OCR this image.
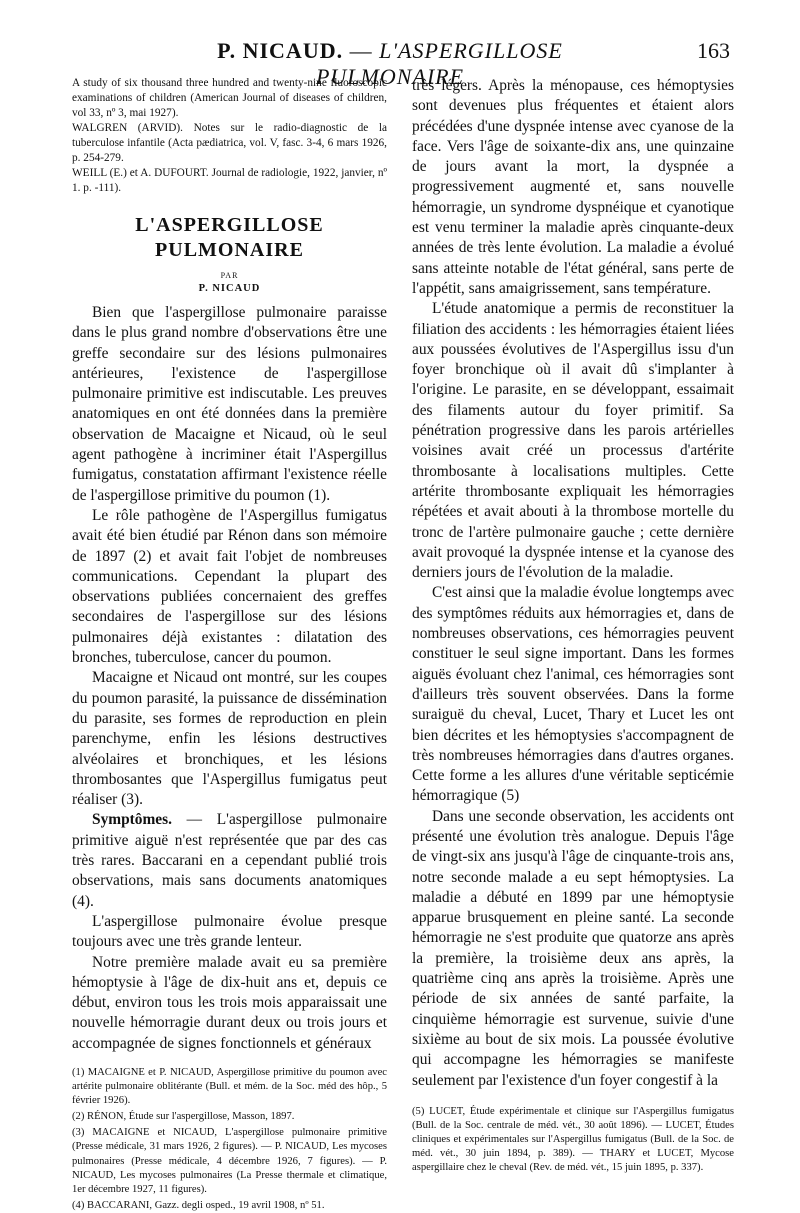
P. NICAUD. — L'ASPERGILLOSE PULMONAIRE
163

A study of six thousand three hundred and twenty-nine fluoroscopic examinations of children (American Journal of diseases of children, vol 33, nº 3, mai 1927).

WALGREN (ARVID). Notes sur le radio-diagnostic de la tuberculose infantile (Acta pædiatrica, vol. V, fasc. 3-4, 6 mars 1926, p. 254-279.

WEILL (E.) et A. DUFOURT. Journal de radiologie, 1922, janvier, nº 1. p. -111).

L'ASPERGILLOSE
PULMONAIRE
PAR
P. NICAUD

Bien que l'aspergillose pulmonaire paraisse dans le plus grand nombre d'observations être une greffe secondaire sur des lésions pulmonaires antérieures, l'existence de l'aspergillose pulmonaire primitive est indiscutable. Les preuves anatomiques en ont été données dans la première observation de Macaigne et Nicaud, où le seul agent pathogène à incriminer était l'Aspergillus fumigatus, constatation affirmant l'existence réelle de l'aspergillose primitive du poumon (1).

Le rôle pathogène de l'Aspergillus fumigatus avait été bien étudié par Rénon dans son mémoire de 1897 (2) et avait fait l'objet de nombreuses communications. Cependant la plupart des observations publiées concernaient des greffes secondaires de l'aspergillose sur des lésions pulmonaires déjà existantes : dilatation des bronches, tuberculose, cancer du poumon.

Macaigne et Nicaud ont montré, sur les coupes du poumon parasité, la puissance de dissémination du parasite, ses formes de reproduction en plein parenchyme, enfin les lésions destructives alvéolaires et bronchiques, et les lésions thrombosantes que l'Aspergillus fumigatus peut réaliser (3).

Symptômes. — L'aspergillose pulmonaire primitive aiguë n'est représentée que par des cas très rares. Baccarani en a cependant publié trois observations, mais sans documents anatomiques (4).

L'aspergillose pulmonaire évolue presque toujours avec une très grande lenteur.

Notre première malade avait eu sa première hémoptysie à l'âge de dix-huit ans et, depuis ce début, environ tous les trois mois apparaissait une nouvelle hémorragie durant deux ou trois jours et accompagnée de signes fonctionnels et généraux

(1) MACAIGNE et P. NICAUD, Aspergillose primitive du poumon avec artérite pulmonaire oblitérante (Bull. et mém. de la Soc. méd des hôp., 5 février 1926).

(2) RÉNON, Étude sur l'aspergillose, Masson, 1897.

(3) MACAIGNE et NICAUD, L'aspergillose pulmonaire primitive (Presse médicale, 31 mars 1926, 2 figures). — P. NICAUD, Les mycoses pulmonaires (Presse médicale, 4 décembre 1926, 7 figures). — P. NICAUD, Les mycoses pulmonaires (La Presse thermale et climatique, 1er décembre 1927, 11 figures).

(4) BACCARANI, Gazz. degli osped., 19 avril 1908, nº 51.

très légers. Après la ménopause, ces hémoptysies sont devenues plus fréquentes et étaient alors précédées d'une dyspnée intense avec cyanose de la face. Vers l'âge de soixante-dix ans, une quinzaine de jours avant la mort, la dyspnée a progressivement augmenté et, sans nouvelle hémorragie, un syndrome dyspnéique et cyanotique est venu terminer la maladie après cinquante-deux années de très lente évolution. La maladie a évolué sans atteinte notable de l'état général, sans perte de l'appétit, sans amaigrissement, sans température.

L'étude anatomique a permis de reconstituer la filiation des accidents : les hémorragies étaient liées aux poussées évolutives de l'Aspergillus issu d'un foyer bronchique où il avait dû s'implanter à l'origine. Le parasite, en se développant, essaimait des filaments autour du foyer primitif. Sa pénétration progressive dans les parois artérielles voisines avait créé un processus d'artérite thrombosante à localisations multiples. Cette artérite thrombosante expliquait les hémorragies répétées et avait abouti à la thrombose mortelle du tronc de l'artère pulmonaire gauche ; cette dernière avait provoqué la dyspnée intense et la cyanose des derniers jours de l'évolution de la maladie.

C'est ainsi que la maladie évolue longtemps avec des symptômes réduits aux hémorragies et, dans de nombreuses observations, ces hémorragies peuvent constituer le seul signe important. Dans les formes aiguës évoluant chez l'animal, ces hémorragies sont d'ailleurs très souvent observées. Dans la forme suraiguë du cheval, Lucet, Thary et Lucet les ont bien décrites et les hémoptysies s'accompagnent de très nombreuses hémorragies dans d'autres organes. Cette forme a les allures d'une véritable septicémie hémorragique (5)

Dans une seconde observation, les accidents ont présenté une évolution très analogue. Depuis l'âge de vingt-six ans jusqu'à l'âge de cinquante-trois ans, notre seconde malade a eu sept hémoptysies. La maladie a débuté en 1899 par une hémoptysie apparue brusquement en pleine santé. La seconde hémorragie ne s'est produite que quatorze ans après la première, la troisième deux ans après, la quatrième cinq ans après la troisième. Après une période de six années de santé parfaite, la cinquième hémorragie est survenue, suivie d'une sixième au bout de six mois. La poussée évolutive qui accompagne les hémorragies se manifeste seulement par l'existence d'un foyer congestif à la

(5) LUCET, Étude expérimentale et clinique sur l'Aspergillus fumigatus (Bull. de la Soc. centrale de méd. vét., 30 août 1896). — LUCET, Études cliniques et expérimentales sur l'Aspergillus fumigatus (Bull. de la Soc. de méd. vét., 30 juin 1894, p. 389). — THARY et LUCET, Mycose aspergillaire chez le cheval (Rev. de méd. vét., 15 juin 1895, p. 337).
